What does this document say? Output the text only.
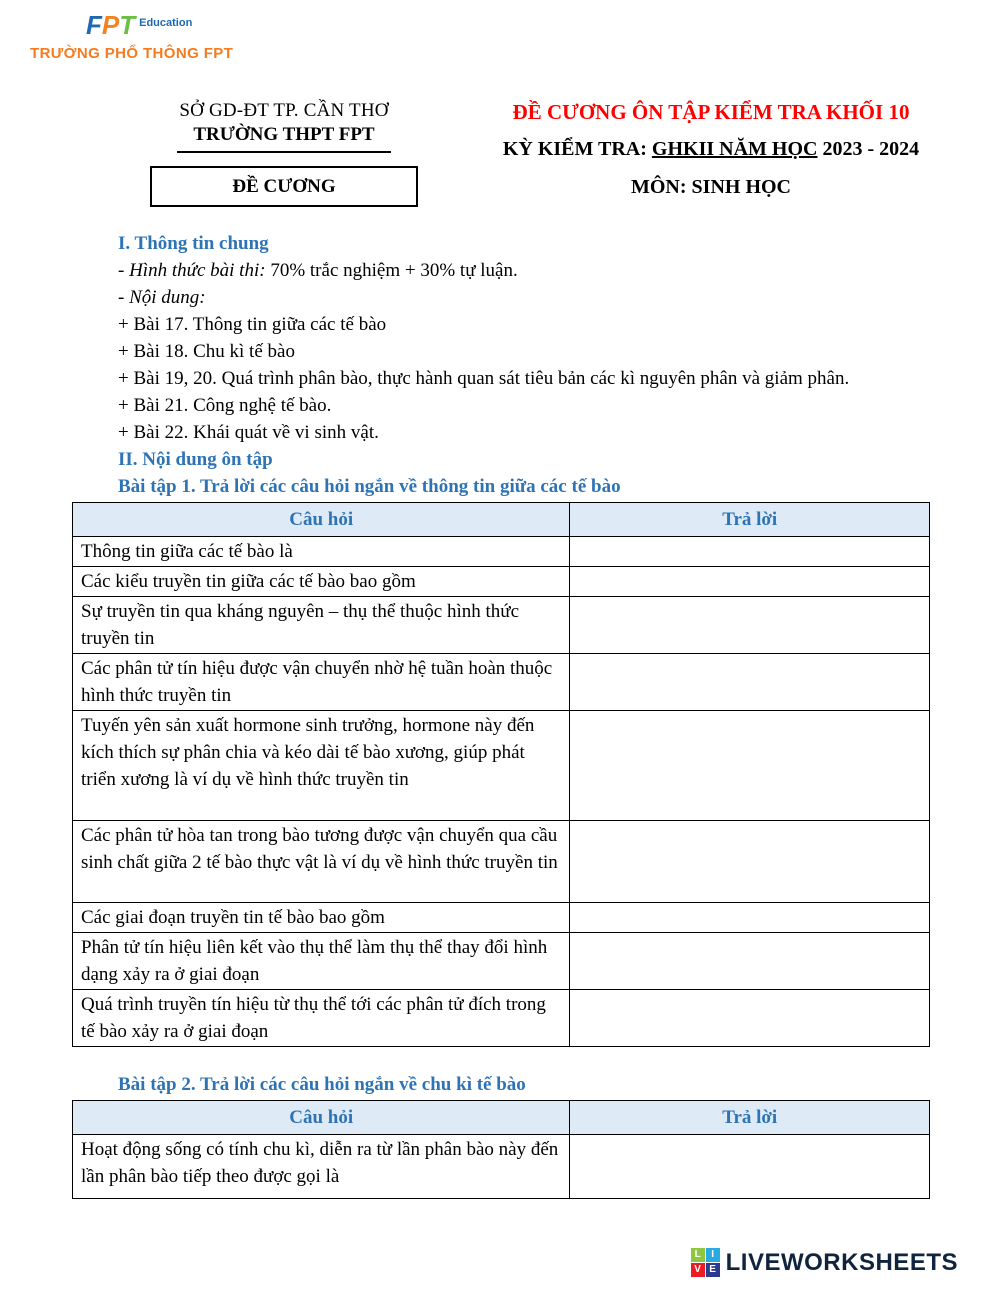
FPT $^{Education}$
TRƯỜNG PHỔ THÔNG FPT
SỞ GD-ĐT TP. CẦN THƠ
TRƯỜNG THPT FPT
ĐỀ CƯƠNG
ĐỀ CƯƠNG ÔN TẬP KIỂM TRA KHỐI 10
KỲ KIỂM TRA: GHKII NĂM HỌC 2023 - 2024
MÔN: SINH HỌC
I. Thông tin chung
- Hình thức bài thi: 70% trắc nghiệm + 30% tự luận.
- Nội dung:
+ Bài 17. Thông tin giữa các tế bào
+ Bài 18. Chu kì tế bào
+ Bài 19, 20. Quá trình phân bào, thực hành quan sát tiêu bản các kì nguyên phân và giảm phân.
+ Bài 21. Công nghệ tế bào.
+ Bài 22. Khái quát về vi sinh vật.
II. Nội dung ôn tập
Bài tập 1. Trả lời các câu hỏi ngắn về thông tin giữa các tế bào
Câu hỏi	Trả lời
Thông tin giữa các tế bào là	
Các kiểu truyền tin giữa các tế bào bao gồm	
Sự truyền tin qua kháng nguyên – thụ thể thuộc hình thức truyền tin	
Các phân tử tín hiệu được vận chuyển nhờ hệ tuần hoàn thuộc hình thức truyền tin	
Tuyến yên sản xuất hormone sinh trưởng, hormone này đến kích thích sự phân chia và kéo dài tế bào xương, giúp phát triển xương là ví dụ về hình thức truyền tin	
Các phân tử hòa tan trong bào tương được vận chuyển qua cầu sinh chất giữa 2 tế bào thực vật là ví dụ về hình thức truyền tin	
Các giai đoạn truyền tin tế bào bao gồm	
Phân tử tín hiệu liên kết vào thụ thể làm thụ thể thay đổi hình dạng xảy ra ở giai đoạn	
Quá trình truyền tín hiệu từ thụ thể tới các phân tử đích trong tế bào xảy ra ở giai đoạn	
Bài tập 2. Trả lời các câu hỏi ngắn về chu kì tế bào
Câu hỏi	Trả lời
Hoạt động sống có tính chu kì, diễn ra từ lần phân bào này đến lần phân bào tiếp theo được gọi là	
L	I
V E LIVEWORKSHEETS
